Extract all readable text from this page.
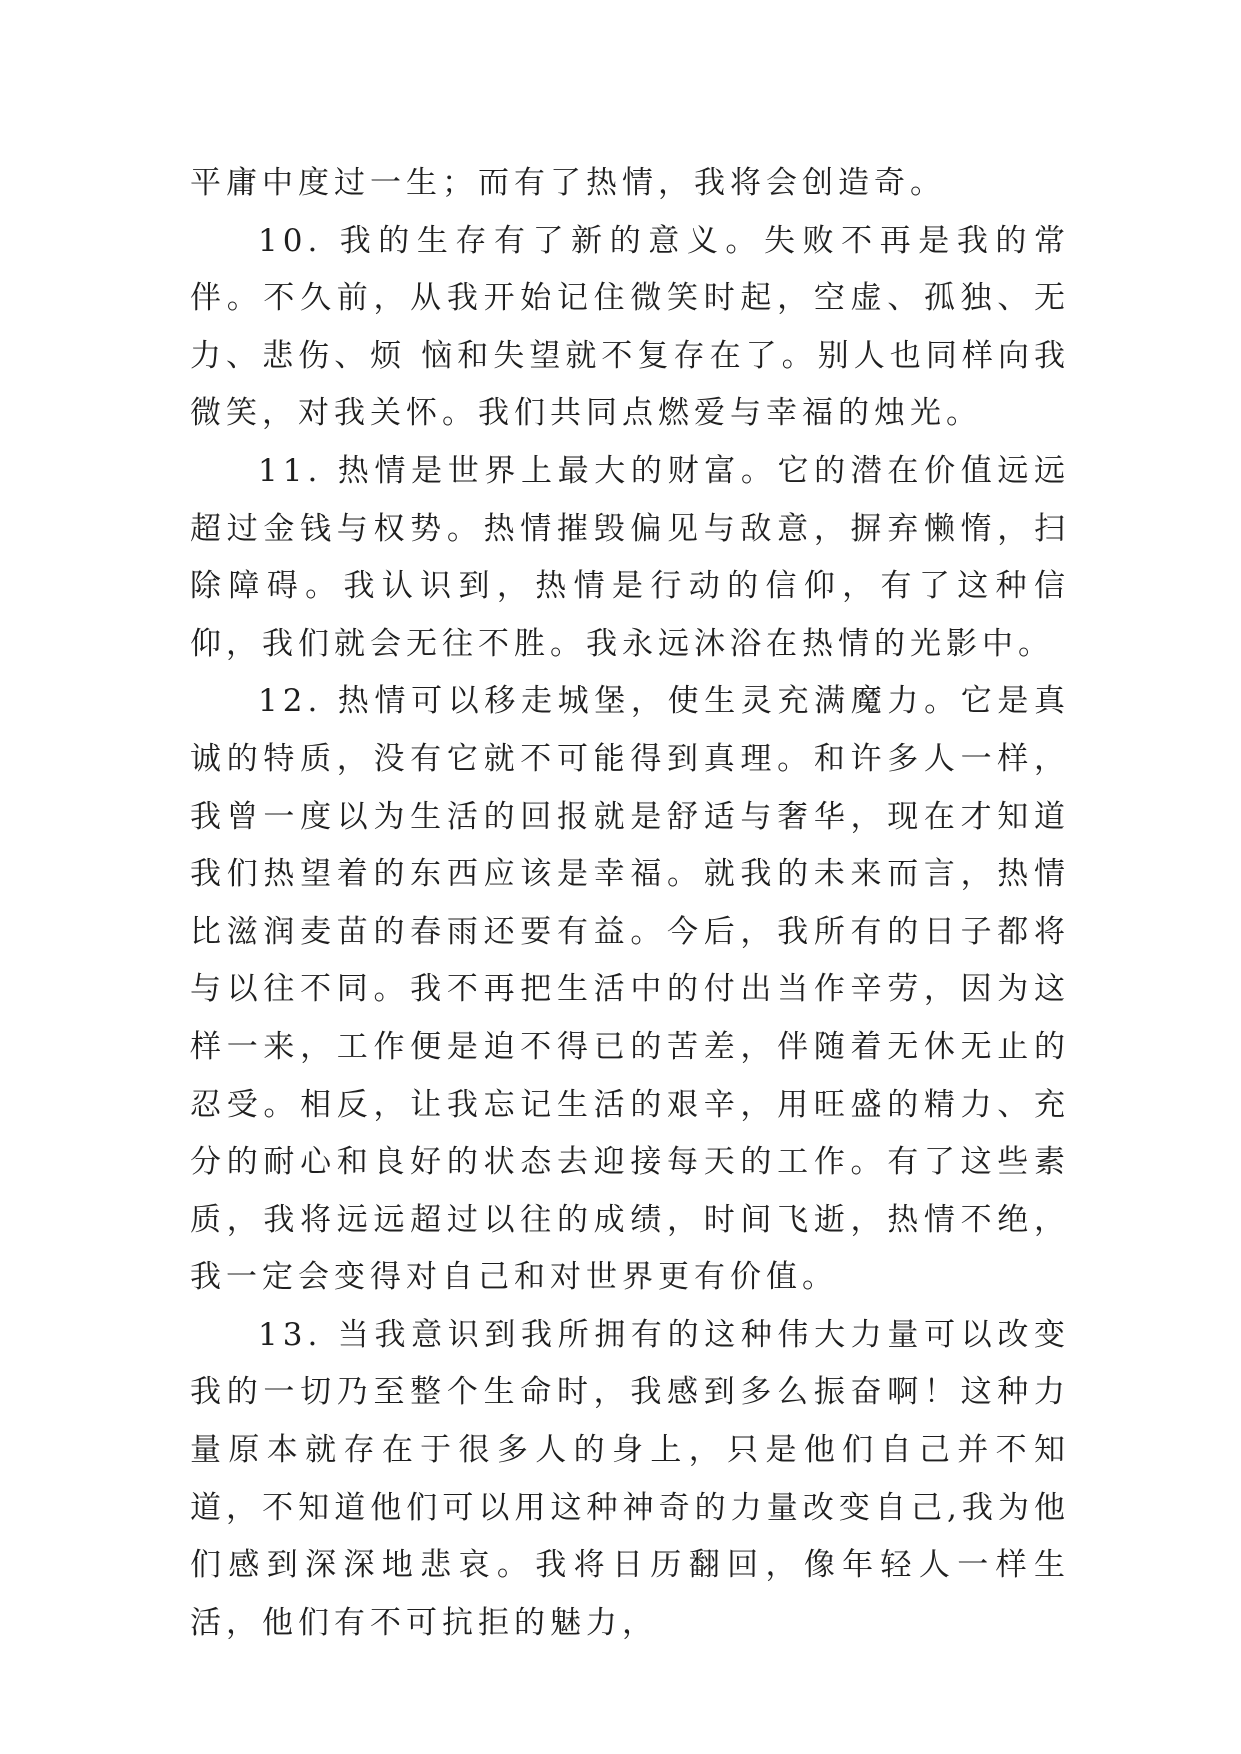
平庸中度过一生；而有了热情，我将会创造奇。

10. 我的生存有了新的意义。失败不再是我的常伴。不久前，从我开始记住微笑时起，空虚、孤独、无力、悲伤、烦 恼和失望就不复存在了。别人也同样向我微笑，对我关怀。我们共同点燃爱与幸福的烛光。

11. 热情是世界上最大的财富。它的潜在价值远远超过金钱与权势。热情摧毁偏见与敌意，摒弃懒惰，扫除障碍。我认识到，热情是行动的信仰，有了这种信仰，我们就会无往不胜。我永远沐浴在热情的光影中。

12. 热情可以移走城堡，使生灵充满魔力。它是真诚的特质，没有它就不可能得到真理。和许多人一样，我曾一度以为生活的回报就是舒适与奢华，现在才知道我们热望着的东西应该是幸福。就我的未来而言，热情比滋润麦苗的春雨还要有益。今后，我所有的日子都将与以往不同。我不再把生活中的付出当作辛劳，因为这样一来，工作便是迫不得已的苦差，伴随着无休无止的忍受。相反，让我忘记生活的艰辛，用旺盛的精力、充分的耐心和良好的状态去迎接每天的工作。有了这些素质，我将远远超过以往的成绩，时间飞逝，热情不绝，我一定会变得对自己和对世界更有价值。

13. 当我意识到我所拥有的这种伟大力量可以改变我的一切乃至整个生命时，我感到多么振奋啊！这种力量原本就存在于很多人的身上，只是他们自己并不知道，不知道他们可以用这种神奇的力量改变自己,我为他们感到深深地悲哀。我将日历翻回，像年轻人一样生活，他们有不可抗拒的魅力，
